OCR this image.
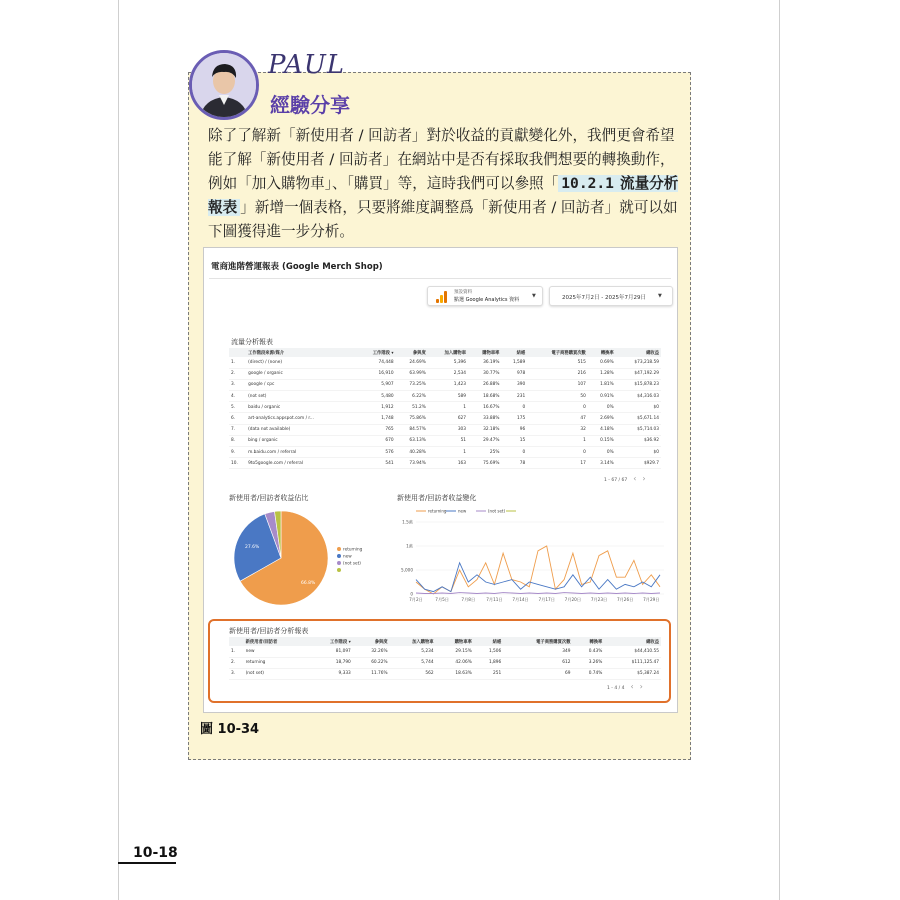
PAUL
經驗分享
除了了解新「新使用者 / 回訪者」對於收益的貢獻變化外，我們更會希望能了解「新使用者 / 回訪者」在網站中是否有採取我們想要的轉換動作，例如「加入購物車」、「購買」等，這時我們可以參照「 10.2.1 流量分析報表 」新增一個表格，只要將維度調整爲「新使用者 / 回訪者」就可以如下圖獲得進一步分析。
電商進階營運報表 (Google Merch Shop)
預設資料
點選 Google Analytics 資料
▼	2025年7月2日 - 2025年7月29日 ▼
流量分析報表
	工作階段來源/媒介	工作階段 ▾	參與度	加入購物車	購物車率	結帳	電子商務購買次數	轉換率	總收益
1.	(direct) / (none)	74,448	24.69%	5,396	36.19%	1,589	515	0.69%	$73,218.59
2.	google / organic	16,910	63.99%	2,534	30.77%	978	216	1.28%	$47,192.29
3.	google / cpc	5,907	73.25%	1,423	26.88%	390	107	1.81%	$15,878.23
4.	(not set)	5,480	6.22%	589	18.68%	231	50	0.91%	$4,316.03
5.	baidu / organic	1,912	51.2%	1	16.67%	0	0	0%	$0
6.	art-analytics.appspot.com / r...	1,748	75.86%	627	33.88%	175	47	2.69%	$5,671.14
7.	(data not available)	765	84.57%	303	32.18%	96	32	4.18%	$5,714.03
8.	bing / organic	670	63.13%	51	29.47%	15	1	0.15%	$36.92
9.	m.baidu.com / referral	576	40.28%	1	25%	0	0	0%	$0
10.	9to5google.com / referral	541	73.94%	163	75.69%	78	17	3.14%	$929.7
1 - 67 / 67 ‹ ›
新使用者/回訪者收益佔比
27.6%
66.8%
returning
new
(not set)
新使用者/回訪者收益變化
returning	new	(not set)
1.5萬
1萬
5,000
0
7月2日	7月5日	7月8日	7月11日 7月14日 7月17日 7月20日 7月23日 7月26日 7月29日
新使用者/回訪者分析報表
	新使用者/回訪者	工作階段 ▾	參與度	加入購物車	購物車率	結帳	電子商務購買次數	轉換率	總收益
1.	new	81,097	32.26%	5,234	29.15%	1,506	349	0.43%	$44,410.55
2.	returning	18,790	60.22%	5,744	42.06%	1,896	612	3.26%	$111,125.47
3.	(not set)	9,333	11.76%	562	18.63%	251	69	0.74%	$5,387.24
1 - 4 / 4 ‹ ›
圖 10-34
10-18
